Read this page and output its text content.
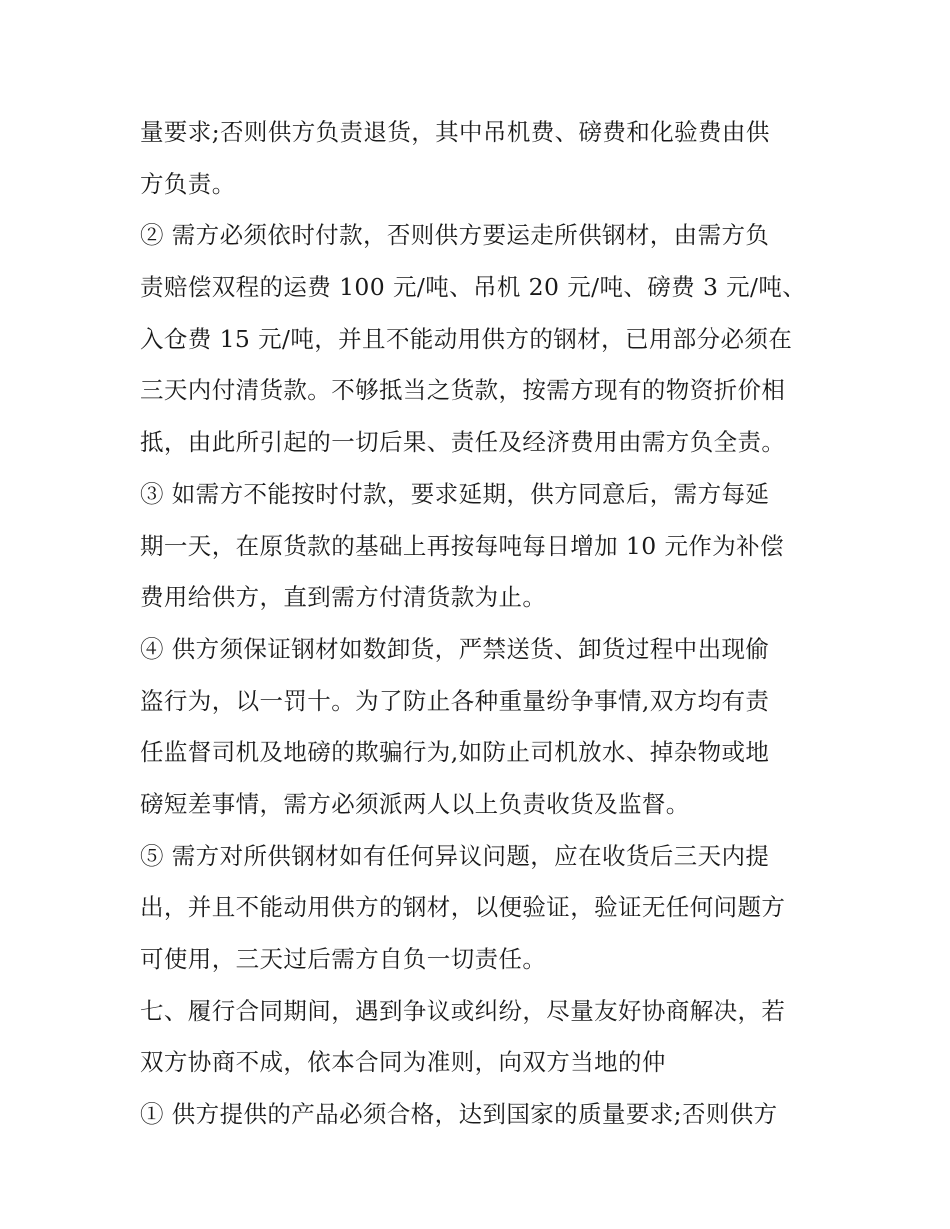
量要求;否则供方负责退货，其中吊机费、磅费和化验费由供
方负责。
② 需方必须依时付款，否则供方要运走所供钢材，由需方负
责赔偿双程的运费 100 元/吨、吊机 20 元/吨、磅费 3 元/吨、
入仓费 15 元/吨，并且不能动用供方的钢材，已用部分必须在
三天内付清货款。不够抵当之货款，按需方现有的物资折价相
抵，由此所引起的一切后果、责任及经济费用由需方负全责。
③ 如需方不能按时付款，要求延期，供方同意后，需方每延
期一天，在原货款的基础上再按每吨每日增加 10 元作为补偿
费用给供方，直到需方付清货款为止。
④ 供方须保证钢材如数卸货，严禁送货、卸货过程中出现偷
盗行为，以一罚十。为了防止各种重量纷争事情,双方均有责
任监督司机及地磅的欺骗行为,如防止司机放水、掉杂物或地
磅短差事情，需方必须派两人以上负责收货及监督。
⑤ 需方对所供钢材如有任何异议问题，应在收货后三天内提
出，并且不能动用供方的钢材，以便验证，验证无任何问题方
可使用，三天过后需方自负一切责任。
七、履行合同期间，遇到争议或纠纷，尽量友好协商解决，若
双方协商不成，依本合同为准则，向双方当地的仲
① 供方提供的产品必须合格，达到国家的质量要求;否则供方
